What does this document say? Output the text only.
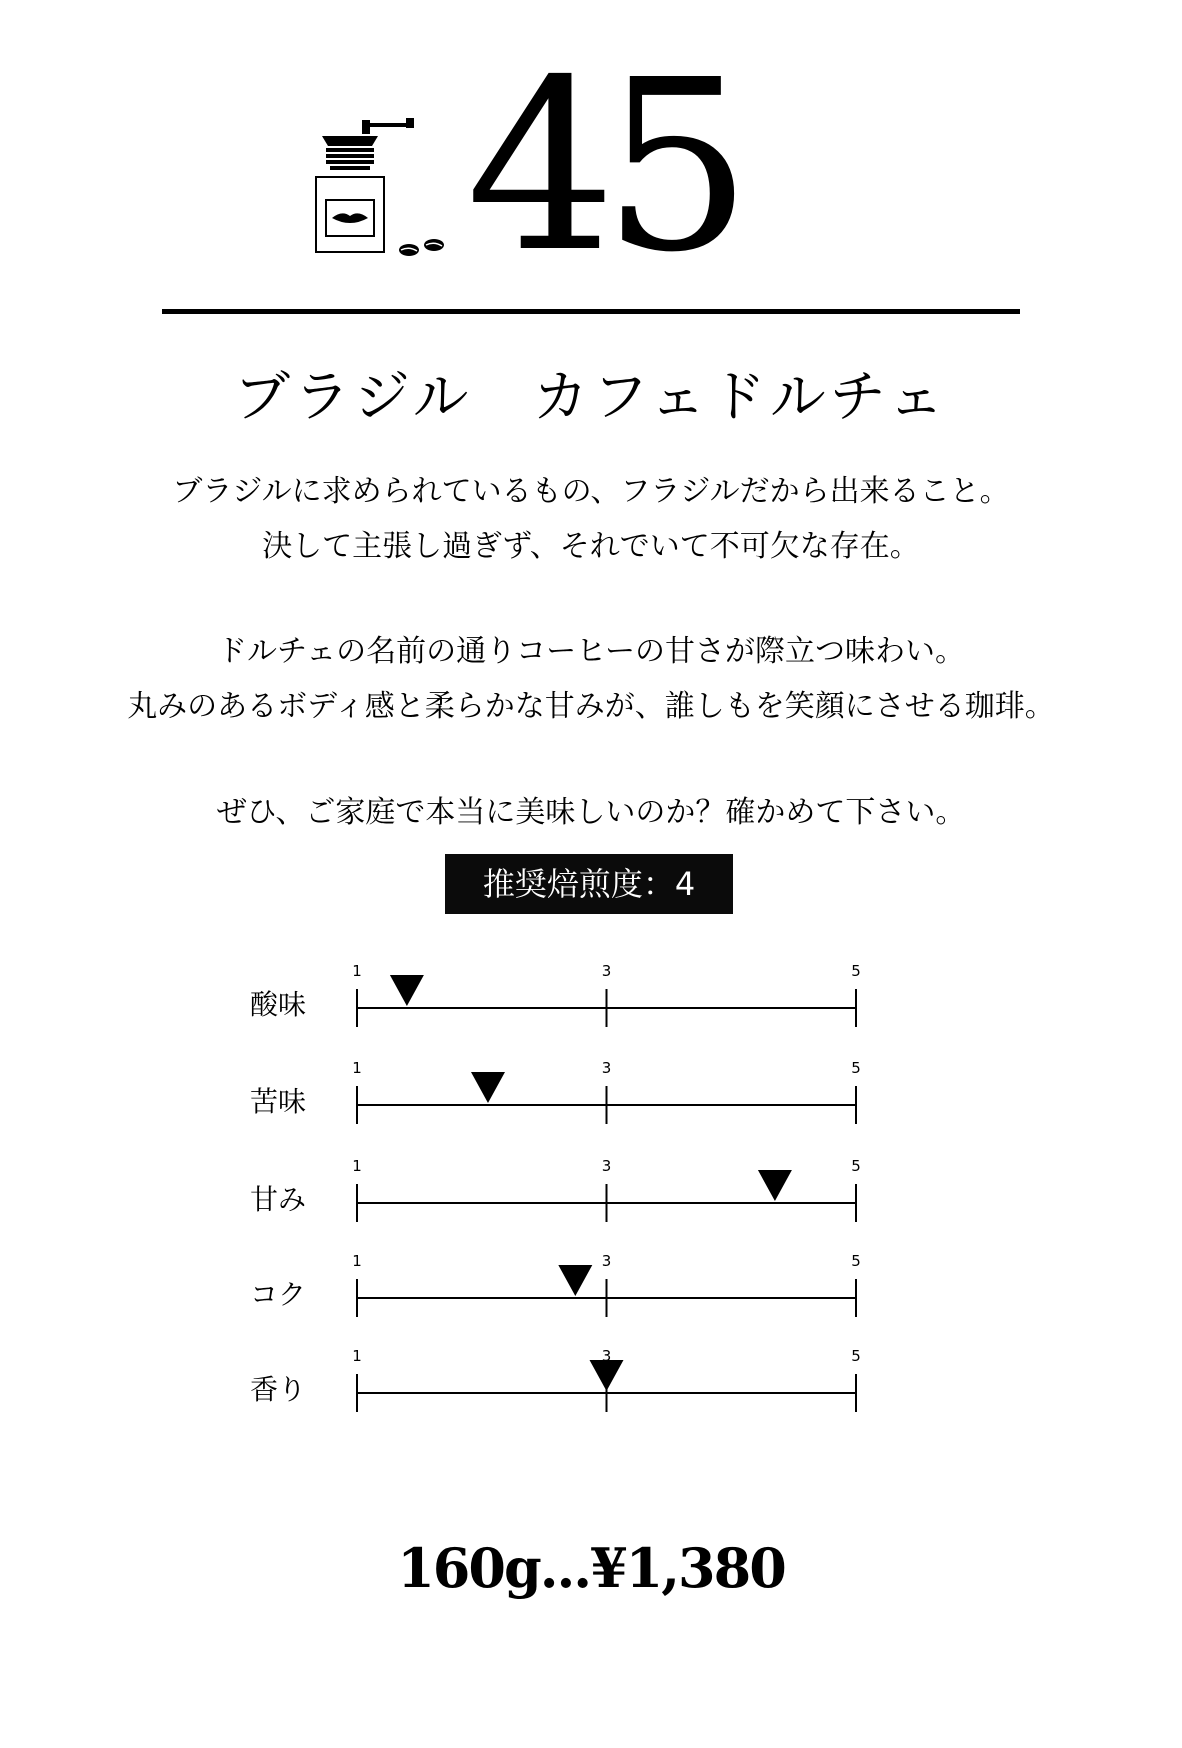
45
ブラジル　カフェドルチェ
ブラジルに求められているもの、フラジルだから出来ること。
決して主張し過ぎず、それでいて不可欠な存在。
ドルチェの名前の通りコーヒーの甘さが際立つ味わい。
丸みのあるボディ感と柔らかな甘みが、誰しもを笑顔にさせる珈琲。
ぜひ、ご家庭で本当に美味しいのか？確かめて下さい。
推奨焙煎度：4
酸味
1	3	5
苦味
1	3	5
甘み
1	3	5
コク
1	3	5
香り
1	3	5
160g...¥1,380
